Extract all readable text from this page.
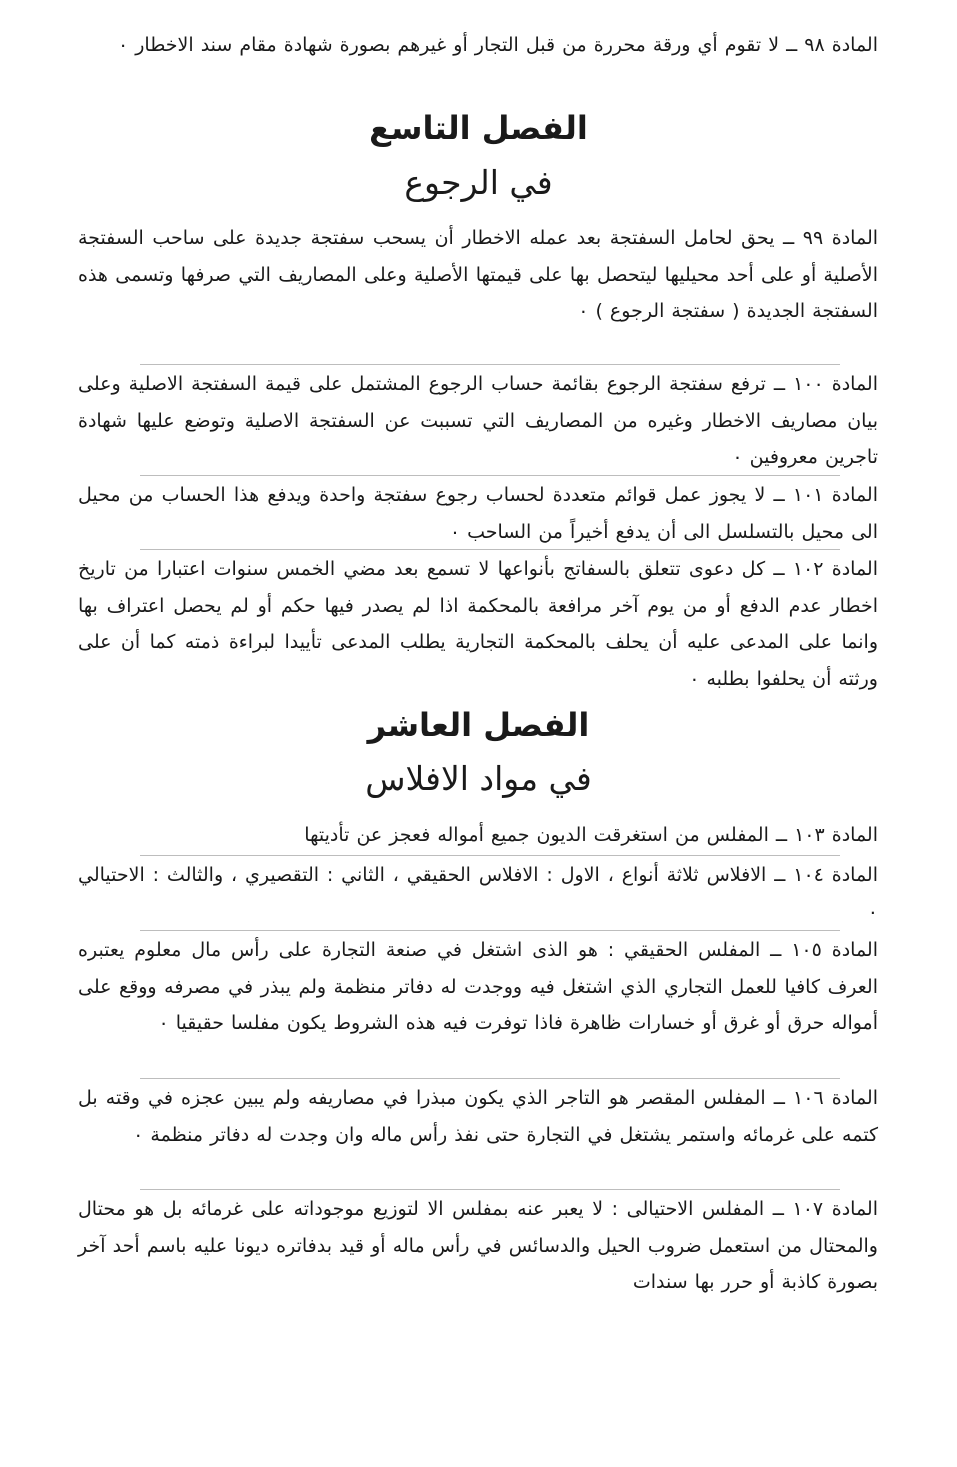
المادة ٩٨ ــ لا تقوم أي ورقة محررة من قبل التجار أو غيرهم بصورة شهادة مقام سند الاخطار ٠

الفصل التاسع
في الرجوع

المادة ٩٩ ــ يحق لحامل السفتجة بعد عمله الاخطار أن يسحب سفتجة جديدة على ساحب السفتجة الأصلية أو على أحد محيليها ليتحصل بها على قيمتها الأصلية وعلى المصاريف التي صرفها وتسمى هذه السفتجة الجديدة ( سفتجة الرجوع ) ٠

المادة ١٠٠ ــ ترفع سفتجة الرجوع بقائمة حساب الرجوع المشتمل على قيمة السفتجة الاصلية وعلى بيان مصاريف الاخطار وغيره من المصاريف التي تسببت عن السفتجة الاصلية وتوضع عليها شهادة تاجرين معروفين ٠

المادة ١٠١ ــ لا يجوز عمل قوائم متعددة لحساب رجوع سفتجة واحدة ويدفع هذا الحساب من محيل الى محيل بالتسلسل الى أن يدفع أخيراً من الساحب ٠

المادة ١٠٢ ــ كل دعوى تتعلق بالسفاتج بأنواعها لا تسمع بعد مضي الخمس سنوات اعتبارا من تاريخ اخطار عدم الدفع أو من يوم آخر مرافعة بالمحكمة اذا لم يصدر فيها حكم أو لم يحصل اعتراف بها وانما على المدعى عليه أن يحلف بالمحكمة التجارية يطلب المدعى تأييدا لبراءة ذمته كما أن على ورثته أن يحلفوا بطلبه ٠

الفصل العاشر
في مواد الافلاس

المادة ١٠٣ ــ المفلس من استغرقت الديون جميع أمواله فعجز عن تأديتها

المادة ١٠٤ ــ الافلاس ثلاثة أنواع ، الاول : الافلاس الحقيقي ، الثاني : التقصيري ، والثالث : الاحتيالي ٠

المادة ١٠٥ ــ المفلس الحقيقي : هو الذى اشتغل في صنعة التجارة على رأس مال معلوم يعتبره العرف كافيا للعمل التجاري الذي اشتغل فيه ووجدت له دفاتر منظمة ولم يبذر في مصرفه ووقع على أمواله حرق أو غرق أو خسارات ظاهرة فاذا توفرت فيه هذه الشروط يكون مفلسا حقيقيا ٠

المادة ١٠٦ ــ المفلس المقصر هو التاجر الذي يكون مبذرا في مصاريفه ولم يبين عجزه في وقته بل كتمه على غرمائه واستمر يشتغل في التجارة حتى نفذ رأس ماله وان وجدت له دفاتر منظمة ٠

المادة ١٠٧ ــ المفلس الاحتيالى : لا يعبر عنه بمفلس الا لتوزيع موجوداته على غرمائه بل هو محتال والمحتال من استعمل ضروب الحيل والدسائس في رأس ماله أو قيد بدفاتره ديونا عليه باسم أحد آخر بصورة كاذبة أو حرر بها سندات
